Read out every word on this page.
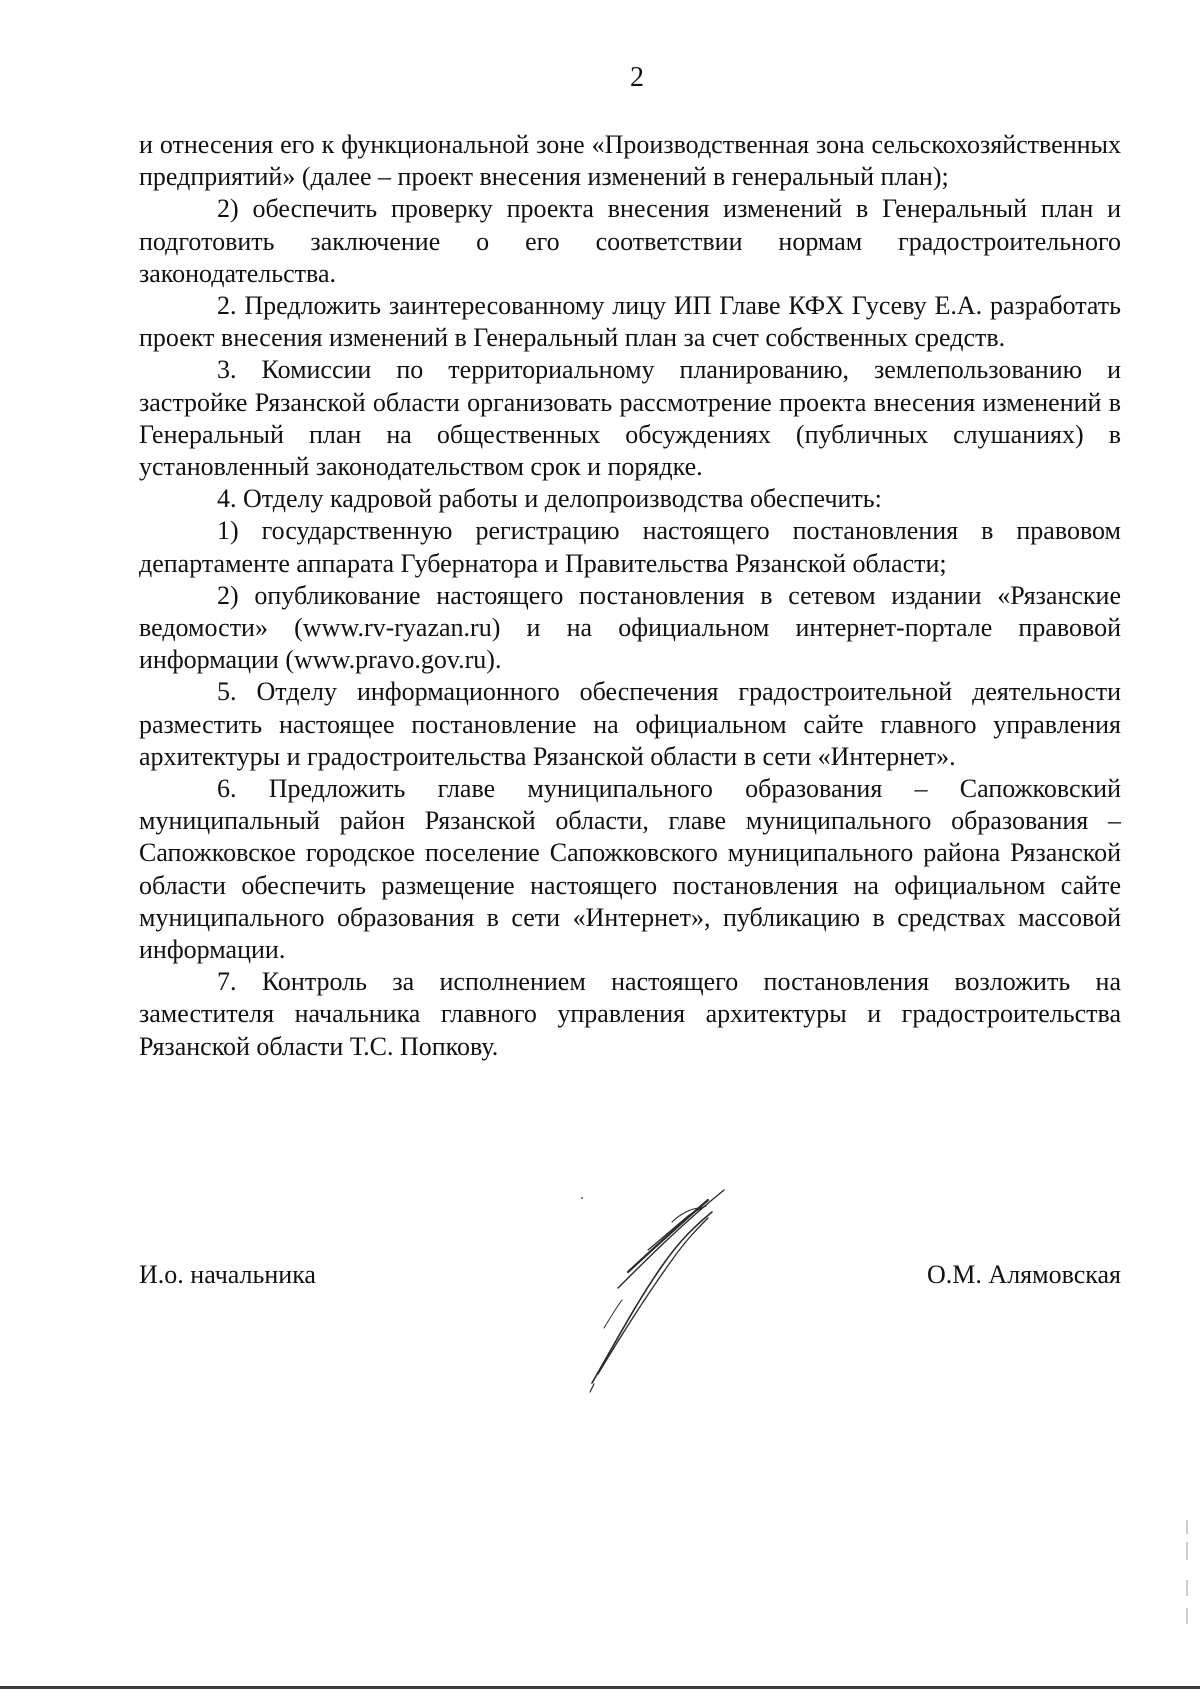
2

и отнесения его к функциональной зоне «Производственная зона сельскохозяйственных предприятий» (далее – проект внесения изменений в генеральный план);

2) обеспечить проверку проекта внесения изменений в Генеральный план и подготовить заключение о его соответствии нормам градостроительного законодательства.

2. Предложить заинтересованному лицу ИП Главе КФХ Гусеву Е.А. разработать проект внесения изменений в Генеральный план за счет собственных средств.

3. Комиссии по территориальному планированию, землепользованию и застройке Рязанской области организовать рассмотрение проекта внесения изменений в Генеральный план на общественных обсуждениях (публичных слушаниях) в установленный законодательством срок и порядке.

4. Отделу кадровой работы и делопроизводства обеспечить:

1) государственную регистрацию настоящего постановления в правовом департаменте аппарата Губернатора и Правительства Рязанской области;

2) опубликование настоящего постановления в сетевом издании «Рязанские ведомости» (www.rv-ryazan.ru) и на официальном интернет-портале правовой информации (www.pravo.gov.ru).

5. Отделу информационного обеспечения градостроительной деятельности разместить настоящее постановление на официальном сайте главного управления архитектуры и градостроительства Рязанской области в сети «Интернет».

6. Предложить главе муниципального образования – Сапожковский муниципальный район Рязанской области, главе муниципального образования – Сапожковское городское поселение Сапожковского муниципального района Рязанской области обеспечить размещение настоящего постановления на официальном сайте муниципального образования в сети «Интернет», публикацию в средствах массовой информации.

7. Контроль за исполнением настоящего постановления возложить на заместителя начальника главного управления архитектуры и градостроительства Рязанской области Т.С. Попкову.

И.о. начальника	О.М. Алямовская
